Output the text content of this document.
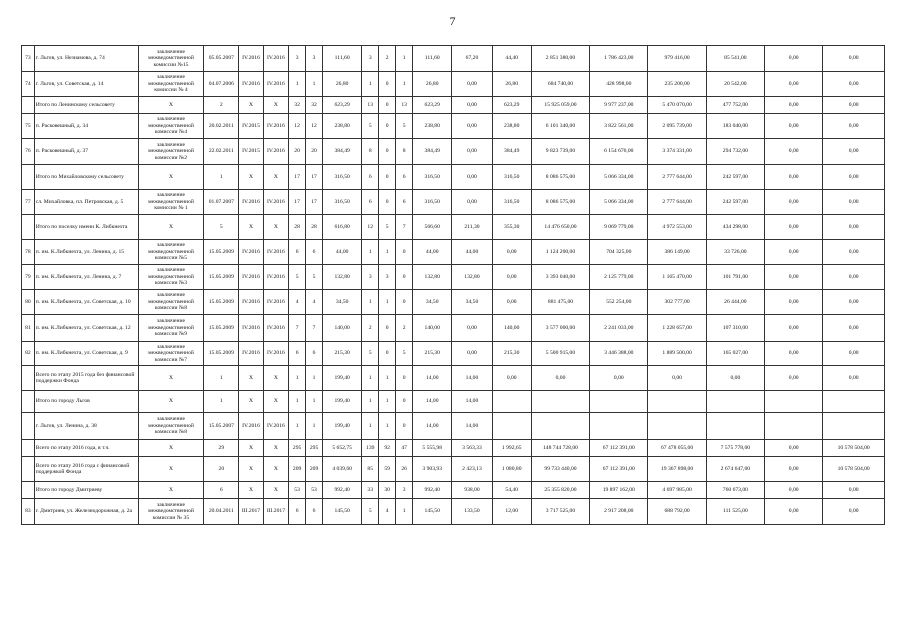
7
73	г. Льгов, ул. Незнамова, д. 74	заключение межведомственной комиссии №15	05.05.2007	IV.2016	IV.2016	3	3	111,60	3	2	1	111,60	67,20	44,40	2 851 380,00	1 786 423,00	979 416,00	85 541,00	0,00	0,00
74	г. Льгов, ул. Советская, д. 14	заключение межведомственной комиссии № 4	04.07.2006	IV.2016	IV.2016	1	1	26,80	1	0	1	26,80	0,00	26,80	684 740,00	428 998,00	235 200,00	20 542,00	0,00	0,00
	Итого по Ленинскому сельсовету	Х	2	Х	Х	32	32	623,29	13	0	13	623,29	0,00	623,29	15 925 059,00	9 977 237,00	5 470 070,00	477 752,00	0,00	0,00
75	п. Расковешный, д. 34	заключение межведомственной комиссии №4	20.02.2011	IV.2015	IV.2016	12	12	238,80	5	0	5	238,80	0,00	238,80	6 101 340,00	3 822 561,00	2 095 739,00	183 040,00	0,00	0,00
76	п. Расковешный, д. 37	заключение межведомственной комиссии №2	22.02.2011	IV.2015	IV.2016	20	20	384,49	8	0	8	384,49	0,00	384,49	9 823 739,00	6 154 676,00	3 374 331,00	294 732,00	0,00	0,00
	Итого по Михайловскому сельсовету	Х	1	Х	Х	17	17	316,50	6	0	6	316,50	0,00	316,50	8 086 575,00	5 066 334,00	2 777 644,00	242 597,00	0,00	0,00
77	сл. Михайловка, пл. Петровская, д. 5	заключение межведомственной комиссии № 1	01.07.2007	IV.2016	IV.2016	17	17	316,50	6	0	6	316,50	0,00	316,50	8 086 575,00	5 066 334,00	2 777 644,00	242 597,00	0,00	0,00
	Итого по поселку имени К. Либкнехта	Х	5	Х	Х	28	28	616,80	12	5	7	566,60	211,30	355,30	14 476 650,00	9 069 779,00	4 972 553,00	434 298,00	0,00	0,00
78	п. им. К.Либкнехта, ул. Ленина, д. 15	заключение межведомственной комиссии №5	15.05.2009	IV.2016	IV.2016	6	6	44,00	1	1	0	44,00	44,00	0,00	1 124 200,00	704 325,00	386 149,00	33 726,00	0,00	0,00
79	п. им. К.Либкнехта, ул. Ленина, д. 7	заключение межведомственной комиссии №3	15.05.2009	IV.2016	IV.2016	5	5	132,80	3	3	0	132,80	132,80	0,00	3 393 040,00	2 125 779,00	1 165 470,00	101 791,00	0,00	0,00
80	п. им. К.Либкнехта, ул. Советская, д. 10	заключение межведомственной комиссии №8	15.05.2009	IV.2016	IV.2016	4	4	34,50	1	1	0	34,50	34,50	0,00	881 475,00	552 254,00	302 777,00	26 444,00	0,00	0,00
81	п. им. К.Либкнехта, ул. Советская, д. 12	заключение межведомственной комиссии №9	15.05.2009	IV.2016	IV.2016	7	7	140,00	2	0	2	140,00	0,00	140,00	3 577 000,00	2 241 033,00	1 228 657,00	107 310,00	0,00	0,00
82	п. им. К.Либкнехта, ул. Советская, д. 9	заключение межведомственной комиссии №7	15.05.2009	IV.2016	IV.2016	6	6	215,30	5	0	5	215,30	0,00	215,30	5 500 915,00	3 446 388,00	1 889 500,00	165 027,00	0,00	0,00
	Всего по этапу 2015 года без финансовой поддержки Фонда	Х	1	Х	Х	1	1	199,40	1	1	0	14,00	14,00	0,00	0,00	0,00	0,00	0,00	0,00	0,00
	Итого по городу Льгов	Х	1	Х	Х	1	1	199,40	1	1	0	14,00	14,00							
	г. Льгов, ул. Ленина, д. 38	заключение межведомственной комиссии №8	15.05.2007	IV.2016	IV.2016	1	1	199,40	1	1	0	14,00	14,00							
	Всего по этапу 2016 года, в т.ч.	Х	29	Х	Х	295	295	5 652,75	139	92	47	5 555,98	3 563,33	1 992,65	148 744 728,00	67 112 391,00	67 478 055,00	7 575 778,00	0,00	10 578 504,00
	Всего по этапу 2016 года с финансовой поддержкой Фонда	Х	20	Х	Х	209	209	4 039,60	85	59	26	3 903,93	2 423,13	1 080,80	99 733 440,00	67 112 391,00	19 367 898,00	2 674 647,00	0,00	10 578 504,00
	Итого по городу Дмитриеву	Х	6	Х	Х	53	53	992,40	33	30	3	992,40	938,00	54,40	25 355 820,00	19 897 162,00	4 697 985,00	760 673,00	0,00	0,00
83	г. Дмитриев, ул. Железнодорожная, д. 2а	заключение межведомственной комиссии № 35	20.04.2011	III.2017	III.2017	6	6	145,50	5	4	1	145,50	133,50	12,00	3 717 525,00	2 917 208,00	688 792,00	111 525,00	0,00	0,00
